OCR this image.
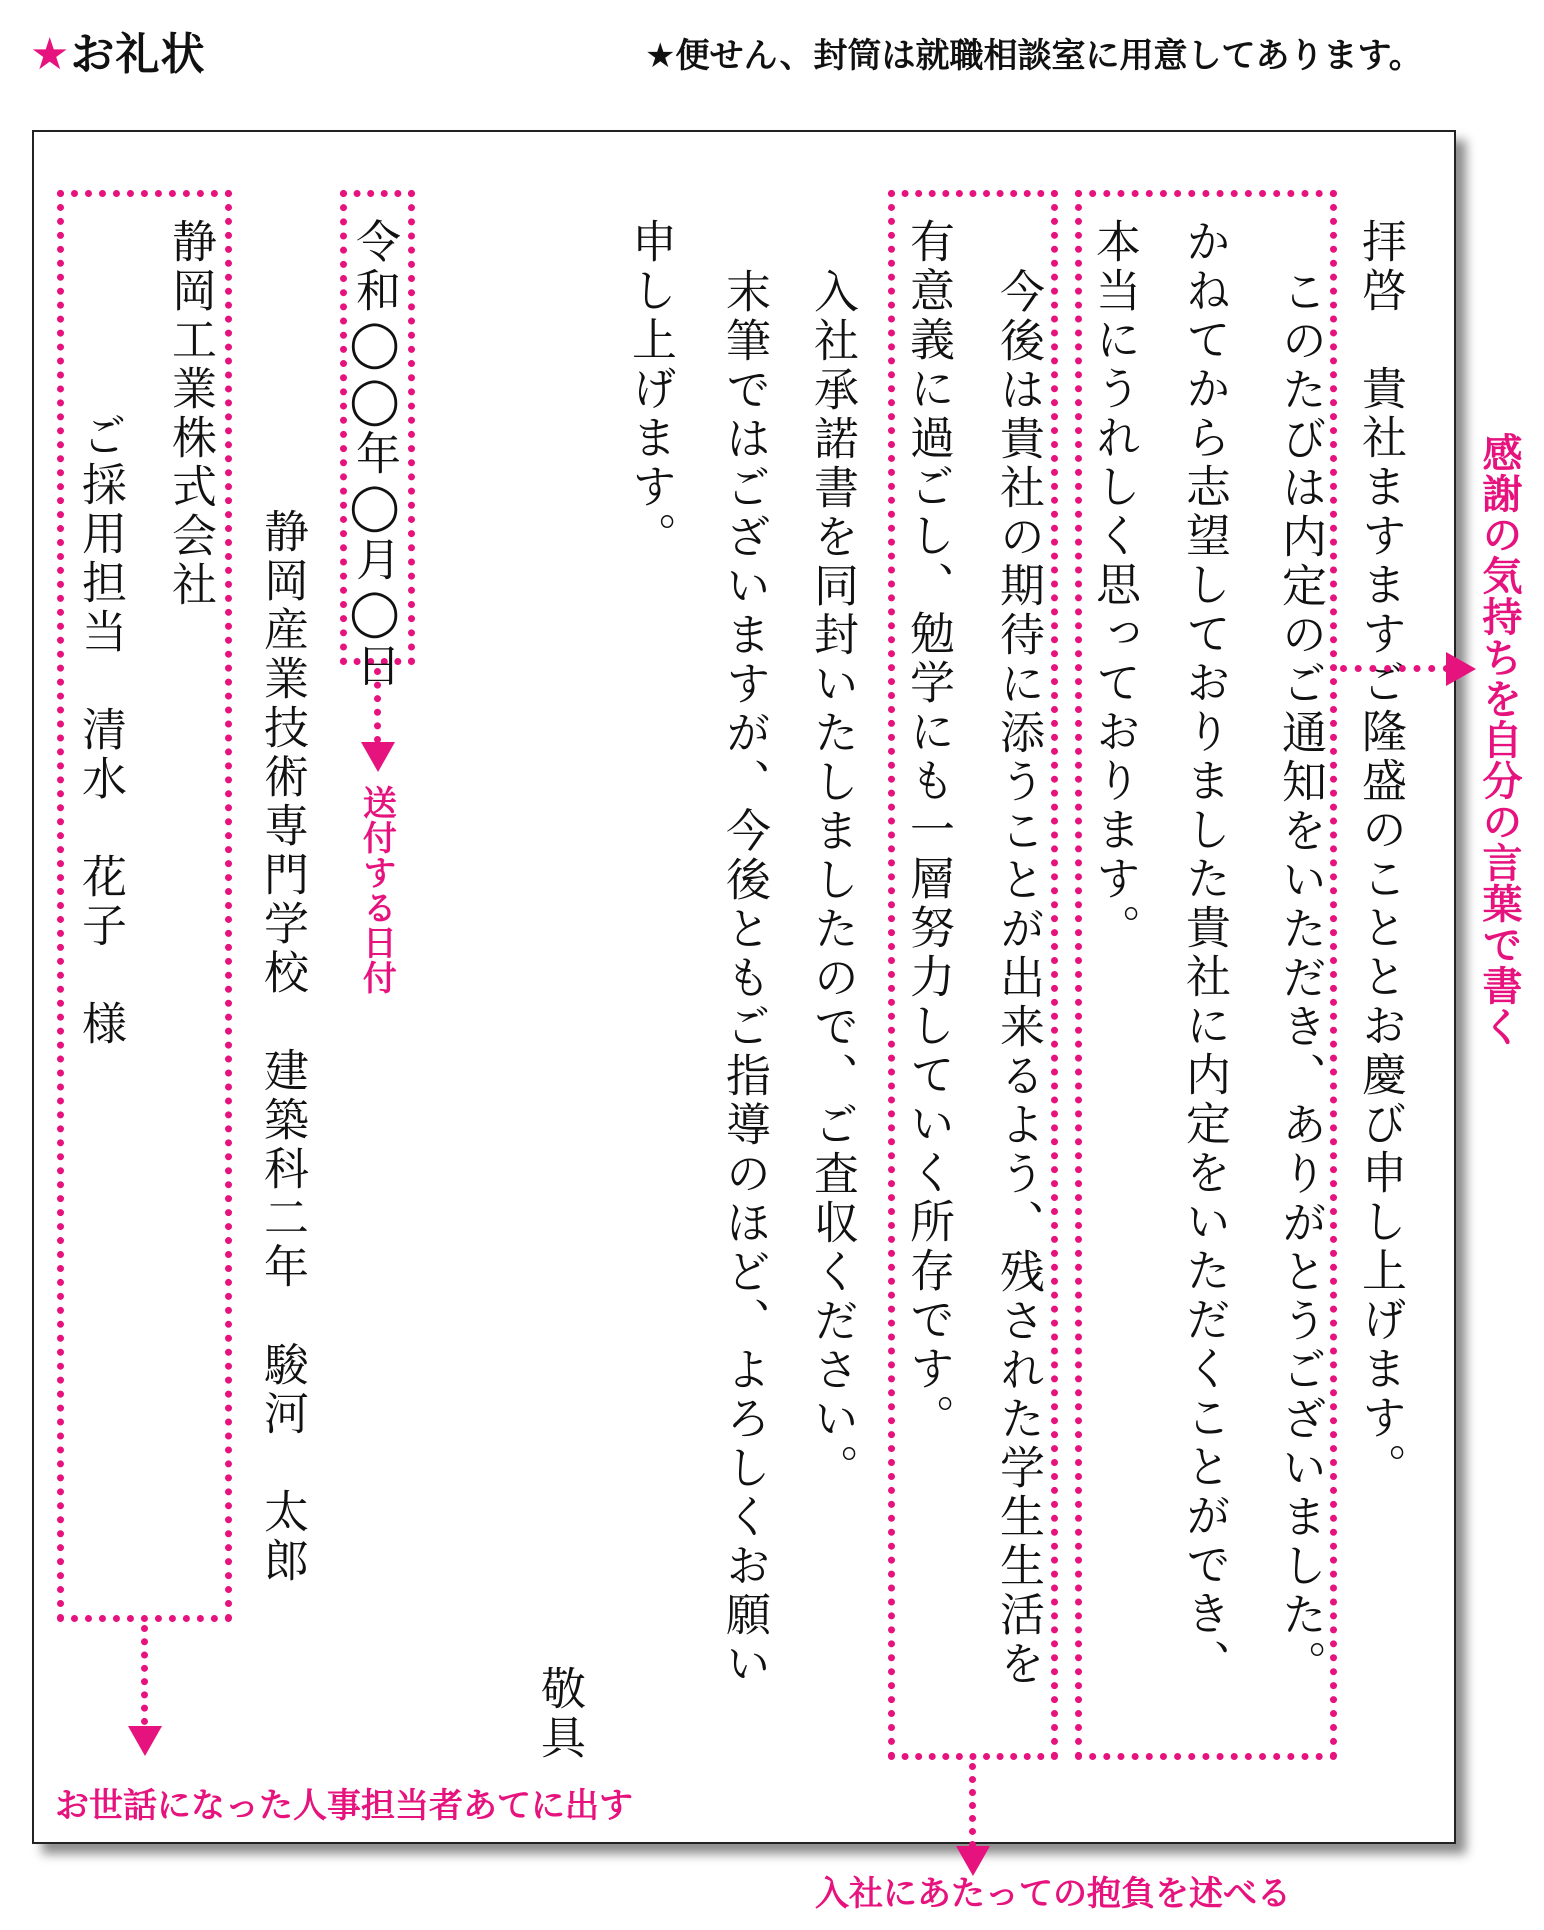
★お礼状	★便せん、封筒は就職相談室に用意してあります。
拝啓　貴社ますますご隆盛のこととお慶び申し上げます。
このたびは内定のご通知をいただき、ありがとうございました。
かねてから志望しておりました貴社に内定をいただくことができ、
本当にうれしく思っております。
今後は貴社の期待に添うことが出来るよう、残された学生生活を
有意義に過ごし、勉学にも一層努力していく所存です。
入社承諾書を同封いたしましたので、ご査収ください。
末筆ではございますが、今後ともご指導のほど、よろしくお願い
申し上げます。
敬具
令和◯◯年◯月◯日
静岡産業技術専門学校　建築科二年　駿河　太郎
静岡工業株式会社
ご採用担当　清水　花子　様	感謝の気持ちを自分の言葉で書く
送付する日付
お世話になった人事担当者あてに出す
入社にあたっての抱負を述べる
